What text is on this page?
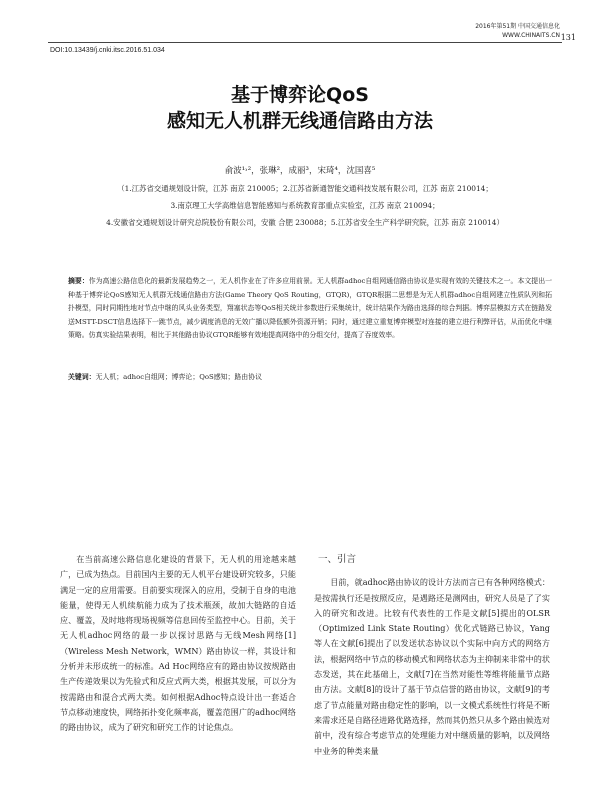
2016年第51期 中国交通信息化
WWW.CHINAITS.CN 131
DOI:10.13439/j.cnki.itsc.2016.51.034
基于博弈论QoS
感知无人机群无线通信路由方法
俞波¹˒²，张琳²，成丽³，宋琦⁴，沈国喜⁵
（1.江苏省交通规划设计院，江苏 南京 210005；2.江苏省新通智能交通科技发展有限公司，江苏 南京 210014；
3.南京理工大学高维信息智能感知与系统教育部重点实验室，江苏 南京 210094；
4.安徽省交通规划设计研究总院股份有限公司，安徽 合肥 230088；5.江苏省安全生产科学研究院，江苏 南京 210014）
摘要：作为高速公路信息化的最新发展趋势之一，无人机作业在了许多应用前景。无人机群adhoc自组网通信路由协议是实现有效的关键技术之一。本文提出一种基于博弈论QoS感知无人机群无线通信路由方法(Game Theory QoS Routing，GTQR)，GTQR根据二思想是为无人机群adhoc自组网建立性质队列和拓扑模型，同时同期性地对节点中继的风头业务类型，翔塞状态等QoS相关统计参数进行采集统计，统计结果作为路由选择的综合判据。博弈层模拟方式在链路发送MSTT-DSCT信息选择下一跳节点，减少调度消息的无效广播以降低额外资源开销；同时，通过建立重复博弈模型对连接的建立进行利弊评估，从而优化中继策略。仿真实验结果表明，相比于其他路由协议GTQR能够有效地提高网络中的分组交付，提高了吞度效率。
关键词：无人机；adhoc自组网；博弈论；QoS感知；路由协议

在当前高速公路信息化建设的背景下，无人机的用途越来越广，已成为热点。目前国内主要的无人机平台建设研究较多，只能满足一定的应用需要。目前要实现深入的应用，受制于自身的电池能量，使得无人机续航能力成为了技术瓶颈，故加大链路的自适应、覆盖，及时地将现场视频等信息回传至监控中心。目前，关于无人机adhoc网络的最一步以探讨思路与无线Mesh网络[1]（Wireless Mesh Network，WMN）路由协议一样，其设计和分析并未形成统一的标准。Ad Hoc网络应有的路由协议按规路由生产传递效果以为先验式和反应式两大类，根据其发展，可以分为按需路由和混合式两大类。如何根据Adhoc特点设计出一套适合节点移动速度快，网络拓扑变化频率高，覆盖范围广的adhoc网络的路由协议，成为了研究和研究工作的讨论焦点。

一、引言

目前，就adhoc路由协议的设计方法而言已有各种网络模式：是按需执行还是按照反应，是遇路还是测网由，研究人员是了了实入的研究和改进。比较有代表性的工作是文献[5]提出的OLSR（Optimized Link State Routing）优化式链路已协议，Yang等人在文献[6]提出了以发送状态协议以个实际中向方式的网络方法，根据网络中节点的移动模式和网络状态为主抑制来非常中的状态发送，其在此基础上，文献[7]在当然对能性等维将能量节点路由方法。文献[8]的设计了基于节点信誉的路由协议，文献[9]的考虑了节点能量对路由稳定性的影响，以一文模式系统性行将是不断来需求还是自路径进路优路选择，然而其仍然只从多个路由候选对前中，没有综合考虑节点的处理能力对中继质量的影响，以及网络中业务的种类来量
